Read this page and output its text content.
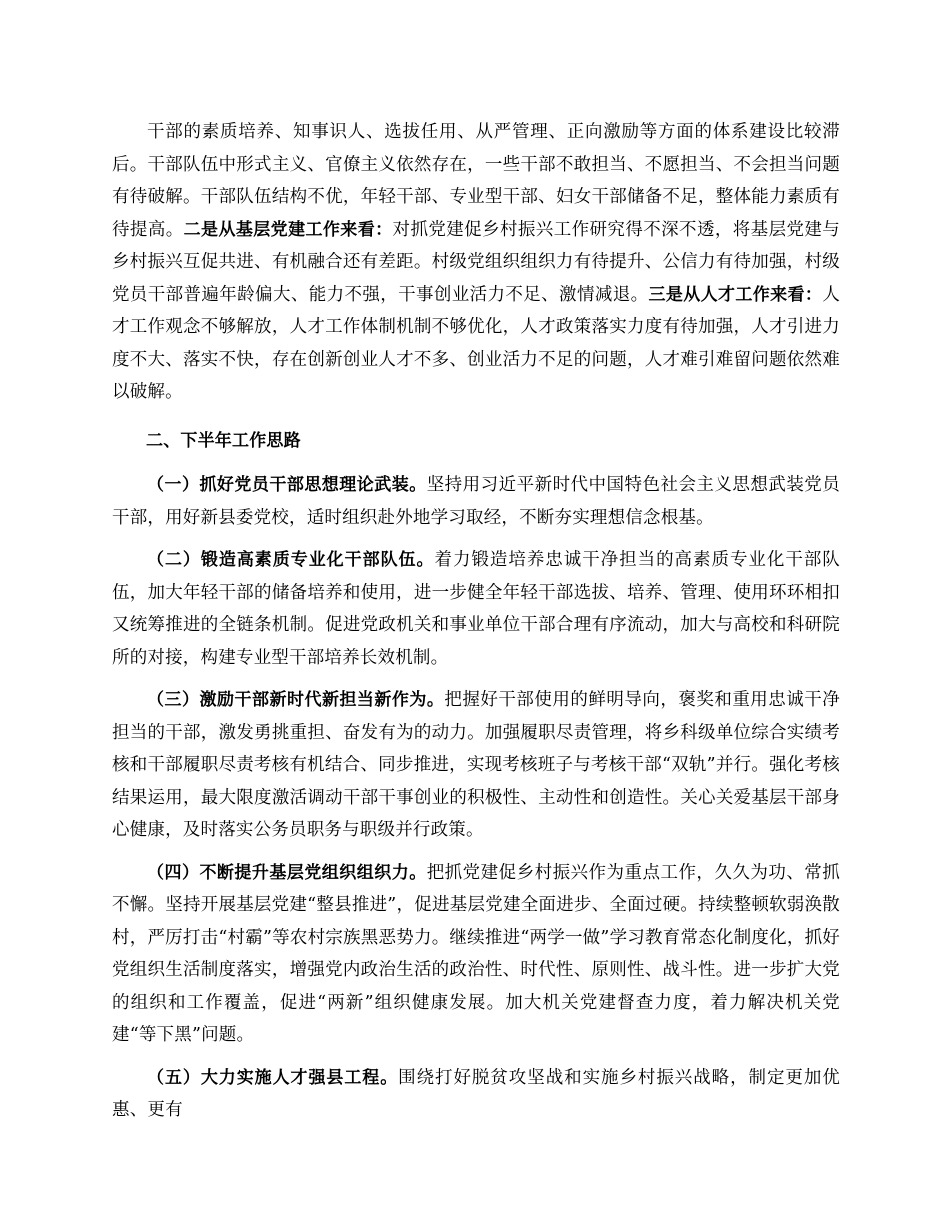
干部的素质培养、知事识人、选拔任用、从严管理、正向激励等方面的体系建设比较滞后。干部队伍中形式主义、官僚主义依然存在，一些干部不敢担当、不愿担当、不会担当问题有待破解。干部队伍结构不优，年轻干部、专业型干部、妇女干部储备不足，整体能力素质有待提高。二是从基层党建工作来看：对抓党建促乡村振兴工作研究得不深不透，将基层党建与乡村振兴互促共进、有机融合还有差距。村级党组织组织力有待提升、公信力有待加强，村级党员干部普遍年龄偏大、能力不强，干事创业活力不足、激情减退。三是从人才工作来看：人才工作观念不够解放，人才工作体制机制不够优化，人才政策落实力度有待加强，人才引进力度不大、落实不快，存在创新创业人才不多、创业活力不足的问题，人才难引难留问题依然难以破解。

二、下半年工作思路

（一）抓好党员干部思想理论武装。坚持用习近平新时代中国特色社会主义思想武装党员干部，用好新县委党校，适时组织赴外地学习取经，不断夯实理想信念根基。

（二）锻造高素质专业化干部队伍。着力锻造培养忠诚干净担当的高素质专业化干部队伍，加大年轻干部的储备培养和使用，进一步健全年轻干部选拔、培养、管理、使用环环相扣又统筹推进的全链条机制。促进党政机关和事业单位干部合理有序流动，加大与高校和科研院所的对接，构建专业型干部培养长效机制。

（三）激励干部新时代新担当新作为。把握好干部使用的鲜明导向，褒奖和重用忠诚干净担当的干部，激发勇挑重担、奋发有为的动力。加强履职尽责管理，将乡科级单位综合实绩考核和干部履职尽责考核有机结合、同步推进，实现考核班子与考核干部“双轨”并行。强化考核结果运用，最大限度激活调动干部干事创业的积极性、主动性和创造性。关心关爱基层干部身心健康，及时落实公务员职务与职级并行政策。

（四）不断提升基层党组织组织力。把抓党建促乡村振兴作为重点工作，久久为功、常抓不懈。坚持开展基层党建“整县推进”，促进基层党建全面进步、全面过硬。持续整顿软弱涣散村，严厉打击“村霸”等农村宗族黑恶势力。继续推进“两学一做”学习教育常态化制度化，抓好党组织生活制度落实，增强党内政治生活的政治性、时代性、原则性、战斗性。进一步扩大党的组织和工作覆盖，促进“两新”组织健康发展。加大机关党建督查力度，着力解决机关党建“等下黑”问题。

（五）大力实施人才强县工程。围绕打好脱贫攻坚战和实施乡村振兴战略，制定更加优惠、更有
